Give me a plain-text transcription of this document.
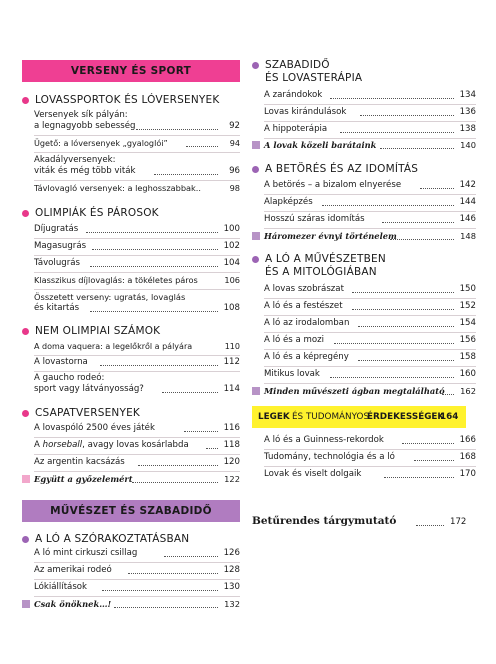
VERSENY ÉS SPORT
LOVASSPORTOK ÉS LÓVERSENYEK
Versenyek sík pályán:
a legnagyobb sebesség	92
Ügető: a lóversenyek „gyaloglói”	94
Akadályversenyek:
viták és még több viták	96
Távlovagló versenyek: a leghosszabbak..	98
OLIMPIÁK ÉS PÁROSOK
Díjugratás	100
Magasugrás	102
Távolugrás	104
Klasszikus díjlovaglás: a tökéletes páros	106
Összetett verseny: ugratás, lovaglás
és kitartás	108
NEM OLIMPIAI SZÁMOK
A doma vaquera: a legelőkről a pályára	110
A lovastorna	112
A gaucho rodeó:
sport vagy látványosság?	114
CSAPATVERSENYEK
A lovaspóló 2500 éves játék	116
A horseball, avagy lovas kosárlabda	118
Az argentin kacsázás	120
Együtt a győzelemért	122
MŰVÉSZET ÉS SZABADIDŐ
A LÓ A SZÓRAKOZTATÁSBAN
A ló mint cirkuszi csillag	126
Az amerikai rodeó	128
Lókiállítások	130
Csak önöknek…!	132
SZABADIDŐ
ÉS LOVASTERÁPIA
A zarándokok	134
Lovas kirándulások	136
A hippoterápia	138
A lovak közeli barátaink	140
A BETÖRÉS ÉS AZ IDOMÍTÁS
A betörés – a bizalom elnyerése	142
Alapképzés	144
Hosszú száras idomítás	146
Háromezer évnyi történelem	148
A LÓ A MŰVÉSZETBEN
ÉS A MITOLÓGIÁBAN
A lovas szobrászat	150
A ló és a festészet	152
A ló az irodalomban	154
A ló és a mozi	156
A ló és a képregény	158
Mitikus lovak	160
Minden művészeti ágban megtalálható 162
LEGEK ÉS TUDOMÁNYOS
ÉRDEKESSÉGEK
164
A ló és a Guinness-rekordok	166
Tudomány, technológia és a ló	168
Lovak és viselt dolgaik	170
Betűrendes tárgymutató	172
